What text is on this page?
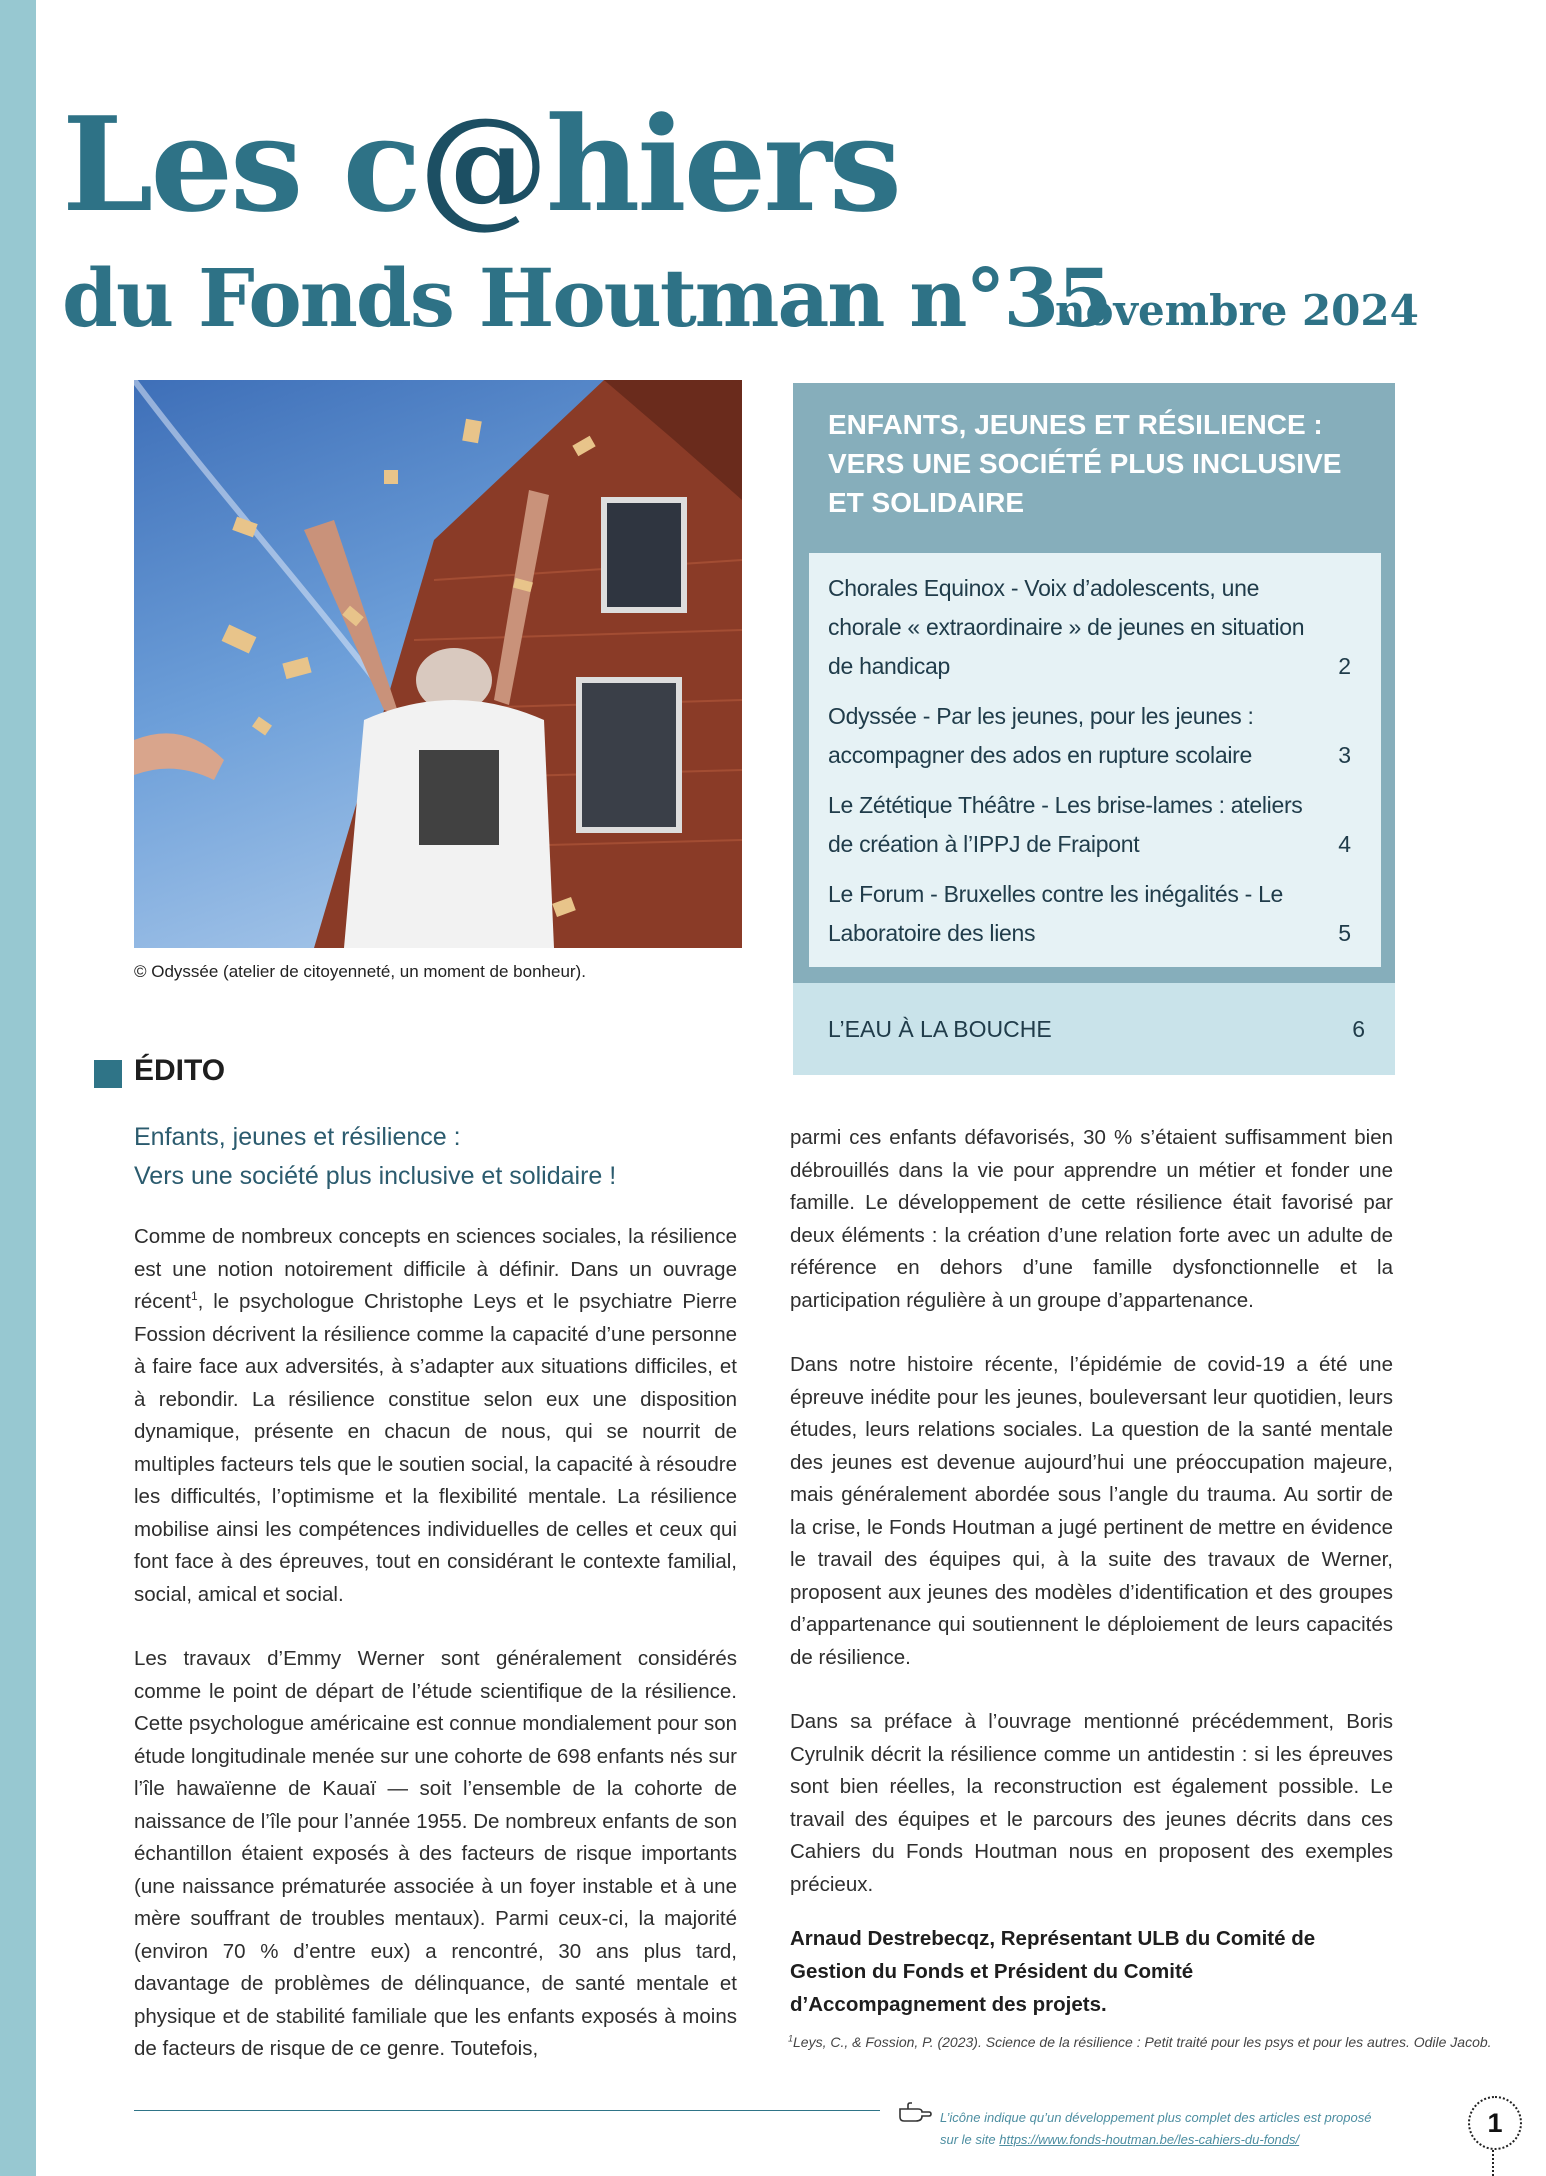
Les c@hiers
du Fonds Houtman n°35
novembre 2024
© Odyssée (atelier de citoyenneté, un moment de bonheur).
ENFANTS, JEUNES ET RÉSILIENCE : VERS UNE SOCIÉTÉ PLUS INCLUSIVE ET SOLIDAIRE
Chorales Equinox - Voix d’adolescents, une chorale « extraordinaire » de jeunes en situation de handicap	2
Odyssée - Par les jeunes, pour les jeunes : accompagner des ados en rupture scolaire	3
Le Zététique Théâtre - Les brise-lames : ateliers de création à l’IPPJ de Fraipont	4
Le Forum - Bruxelles contre les inégalités - Le Laboratoire des liens	5
L’EAU À LA BOUCHE	6
ÉDITO
Enfants, jeunes et résilience :
Vers une société plus inclusive et solidaire !

Comme de nombreux concepts en sciences sociales, la résilience est une notion notoirement difficile à définir. Dans un ouvrage récent$^1$, le psychologue Christophe Leys et le psychiatre Pierre Fossion décrivent la résilience comme la capacité d’une personne à faire face aux adversités, à s’adapter aux situations difficiles, et à rebondir. La résilience constitue selon eux une disposition dynamique, présente en chacun de nous, qui se nourrit de multiples facteurs tels que le soutien social, la capacité à résoudre les difficultés, l’optimisme et la flexibilité mentale. La résilience mobilise ainsi les compétences individuelles de celles et ceux qui font face à des épreuves, tout en considérant le contexte familial, social, amical et social.

Les travaux d’Emmy Werner sont généralement considérés comme le point de départ de l’étude scientifique de la résilience. Cette psychologue américaine est connue mondialement pour son étude longitudinale menée sur une cohorte de 698 enfants nés sur l’île hawaïenne de Kauaï — soit l’ensemble de la cohorte de naissance de l’île pour l’année 1955. De nombreux enfants de son échantillon étaient exposés à des facteurs de risque importants (une naissance prématurée associée à un foyer instable et à une mère souffrant de troubles mentaux). Parmi ceux-ci, la majorité (environ 70 % d’entre eux) a rencontré, 30 ans plus tard, davantage de problèmes de délinquance, de santé mentale et physique et de stabilité familiale que les enfants exposés à moins de facteurs de risque de ce genre. Toutefois,

parmi ces enfants défavorisés, 30 % s’étaient suffisamment bien débrouillés dans la vie pour apprendre un métier et fonder une famille. Le développement de cette résilience était favorisé par deux éléments : la création d’une relation forte avec un adulte de référence en dehors d’une famille dysfonctionnelle et la participation régulière à un groupe d’appartenance.

Dans notre histoire récente, l’épidémie de covid-19 a été une épreuve inédite pour les jeunes, bouleversant leur quotidien, leurs études, leurs relations sociales. La question de la santé mentale des jeunes est devenue aujourd’hui une préoccupation majeure, mais généralement abordée sous l’angle du trauma. Au sortir de la crise, le Fonds Houtman a jugé pertinent de mettre en évidence le travail des équipes qui, à la suite des travaux de Werner, proposent aux jeunes des modèles d’identification et des groupes d’appartenance qui soutiennent le déploiement de leurs capacités de résilience.

Dans sa préface à l’ouvrage mentionné précédemment, Boris Cyrulnik décrit la résilience comme un antidestin : si les épreuves sont bien réelles, la reconstruction est également possible. Le travail des équipes et le parcours des jeunes décrits dans ces Cahiers du Fonds Houtman nous en proposent des exemples précieux.

Arnaud Destrebecqz, Représentant ULB du Comité de Gestion du Fonds et Président du Comité d’Accompagnement des projets.
$^1$Leys, C., & Fossion, P. (2023). Science de la résilience : Petit traité pour les psys et pour les autres. Odile Jacob.
L’icône indique qu’un développement plus complet des articles est proposé
sur le site https://www.fonds-houtman.be/les-cahiers-du-fonds/
1
